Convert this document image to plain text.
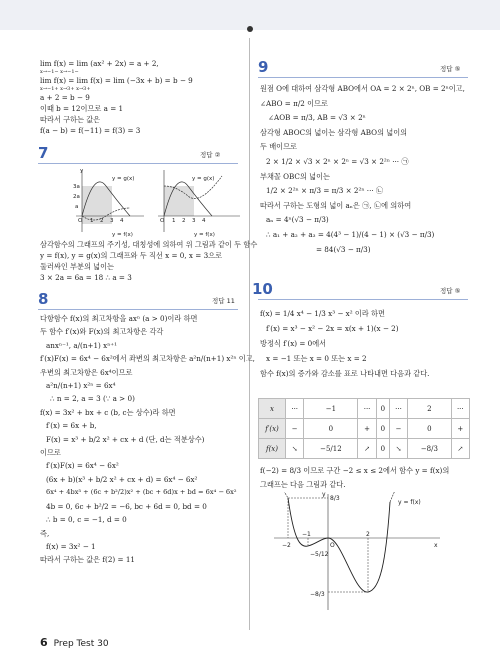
lim f(x) = lim (ax² + 2x) = a + 2,
x→−1− x→−1−
lim f(x) = lim f(x) = lim (−3x + b) = b − 9
x→−1+ x→3+ x→3+
a + 2 = b − 9
이때 b = 12이므로 a = 1
따라서 구하는 값은
f(a − b) = f(−11) = f(3) = 3
7	정답 ②
y
y = g(x)
y = f(x)
3a
2a
a
O 1 2 3 4
y = g(x)
y = f(x)
O 1 2 3 4
삼각함수의 그래프의 주기성, 대칭성에 의하여 위 그림과 같이 두 함수
y = f(x), y = g(x)의 그래프와 두 직선 x = 0, x = 3으로
둘러싸인 부분의 넓이는
3 × 2a = 6a = 18 ∴ a = 3
8	정답 11
다항함수 f(x)의 최고차항을 axⁿ (a > 0)이라 하면
두 함수 f′(x)와 F(x)의 최고차항은 각각
anxⁿ⁻¹, a/(n+1) xⁿ⁺¹
f′(x)F(x) = 6x⁴ − 6x²에서 좌변의 최고차항은 a²n/(n+1) x²ⁿ 이고,
우변의 최고차항은 6x⁴이므로
a²n/(n+1) x²ⁿ = 6x⁴
∴ n = 2, a = 3 (∵ a > 0)
f(x) = 3x² + bx + c (b, c는 상수)라 하면
f′(x) = 6x + b,
F(x) = x³ + b/2 x² + cx + d (단, d는 적분상수)
이므로
f′(x)F(x) = 6x⁴ − 6x²
(6x + b)(x³ + b/2 x² + cx + d) = 6x⁴ − 6x²
6x⁴ + 4bx³ + (6c + b²/2)x² + (bc + 6d)x + bd = 6x⁴ − 6x²
4b = 0, 6c + b²/2 = −6, bc + 6d = 0, bd = 0
∴ b = 0, c = −1, d = 0
즉,
f(x) = 3x² − 1
따라서 구하는 값은 f(2) = 11
9	정답 ⑤
원점 O에 대하여 삼각형 ABO에서 OA = 2 × 2ⁿ, OB = 2ⁿ이고,
∠ABO = π/2 이므로
∠AOB = π/3, AB = √3 × 2ⁿ
삼각형 ABOC의 넓이는 삼각형 ABO의 넓이의
두 배이므로
2 × 1/2 × √3 × 2ⁿ × 2ⁿ = √3 × 2²ⁿ ··· ㉠
부채꼴 OBC의 넓이는
1/2 × 2²ⁿ × π/3 = π/3 × 2²ⁿ ··· ㉡
따라서 구하는 도형의 넓이 aₙ은 ㉠, ㉡에 의하여
aₙ = 4ⁿ(√3 − π/3)
∴ a₁ + a₂ + a₃ = 4(4³ − 1)/(4 − 1) × (√3 − π/3)
= 84(√3 − π/3)
10	정답 ⑤
f(x) = 1/4 x⁴ − 1/3 x³ − x² 이라 하면
f′(x) = x³ − x² − 2x = x(x + 1)(x − 2)
방정식 f′(x) = 0에서
x = −1 또는 x = 0 또는 x = 2
함수 f(x)의 증가와 감소를 표로 나타내면 다음과 같다.
x	···	−1	···	0	···	2	···
f′(x)	−	0	+	0	−	0	+
f(x)	↘	−5/12	↗	0	↘	−8/3	↗
f(−2) = 8/3 이므로 구간 −2 ≤ x ≤ 2에서 함수 y = f(x)의
그래프는 다음 그림과 같다.
y
x
y = f(x)
8/3
−5/12
−8/3
−2
−1
O
2
6 Prep Test 30
